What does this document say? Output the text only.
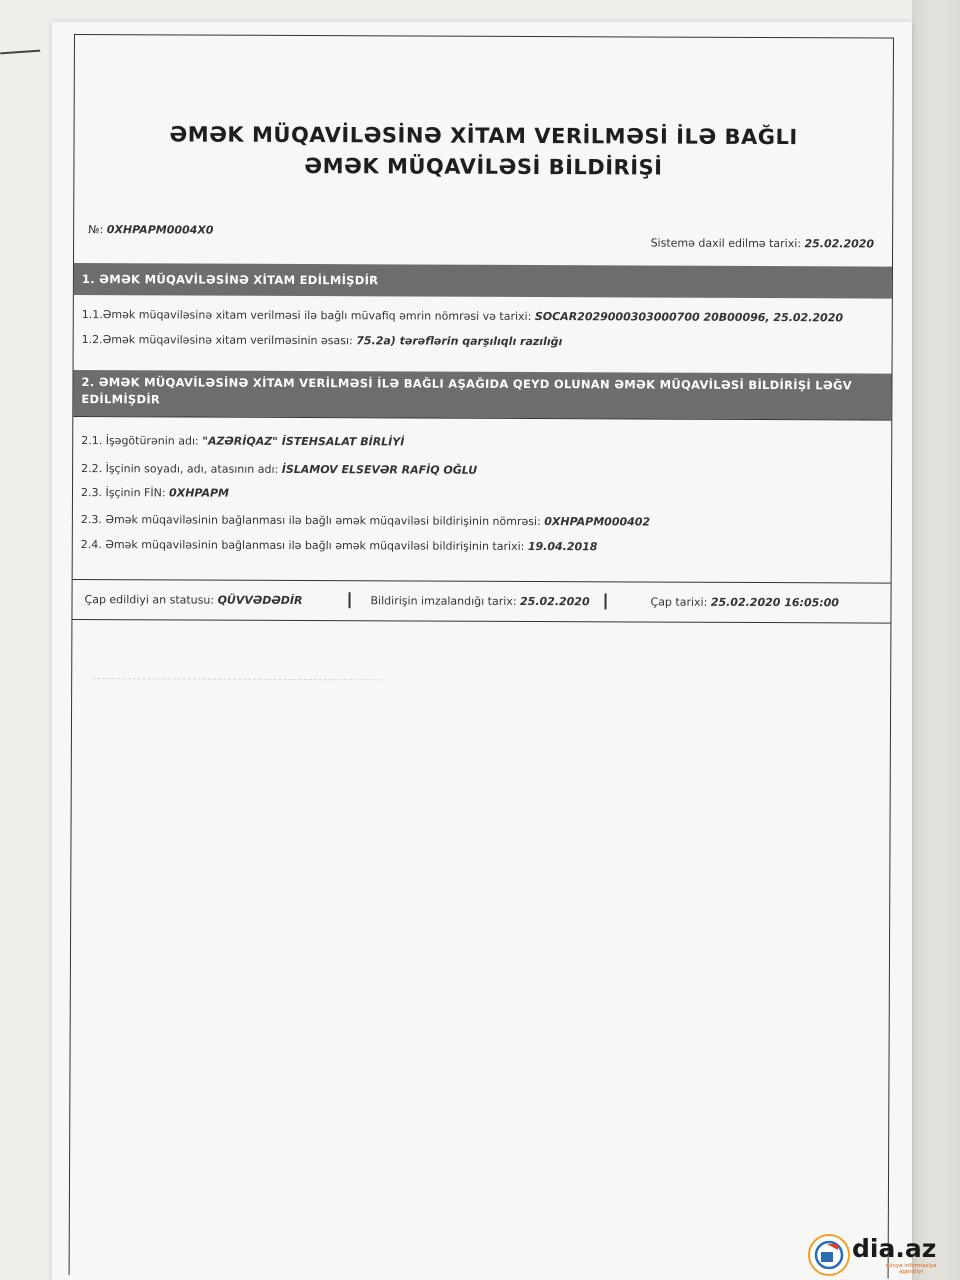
ƏMƏK MÜQAVİLƏSİNƏ XİTAM VERİLMƏSİ İLƏ BAĞLI
ƏMƏK MÜQAVİLƏSİ BİLDİRİŞİ
№: 0XHPAPM0004X0
Sistemə daxil edilmə tarixi: 25.02.2020
1. ƏMƏK MÜQAVİLƏSİNƏ XİTAM EDİLMİŞDİR
1.1.Əmək müqaviləsinə xitam verilməsi ilə bağlı müvafiq əmrin nömrəsi və tarixi: SOCAR2029000303000700 20B00096, 25.02.2020
1.2.Əmək müqaviləsinə xitam verilməsinin əsası: 75.2a) tərəflərin qarşılıqlı razılığı
2. ƏMƏK MÜQAVİLƏSİNƏ XİTAM VERİLMƏSİ İLƏ BAĞLI AŞAĞIDA QEYD OLUNAN ƏMƏK MÜQAVİLƏSİ BİLDİRİŞİ LƏĞV EDİLMİŞDİR
2.1. İşəgötürənin adı: "AZƏRİQAZ" İSTEHSALAT BİRLİYİ
2.2. İşçinin soyadı, adı, atasının adı: İSLAMOV ELSEVƏR RAFİQ OĞLU
2.3. İşçinin FİN: 0XHPAPM
2.3. Əmək müqaviləsinin bağlanması ilə bağlı əmək müqaviləsi bildirişinin nömrəsi: 0XHPAPM000402
2.4. Əmək müqaviləsinin bağlanması ilə bağlı əmək müqaviləsi bildirişinin tarixi: 19.04.2018
Çap edildiyi an statusu: QÜVVƏDƏDİR	Bildirişin imzalandığı tarix: 25.02.2020	Çap tarixi: 25.02.2020 16:05:00
dia.az
dünya informasiya agentliyi
